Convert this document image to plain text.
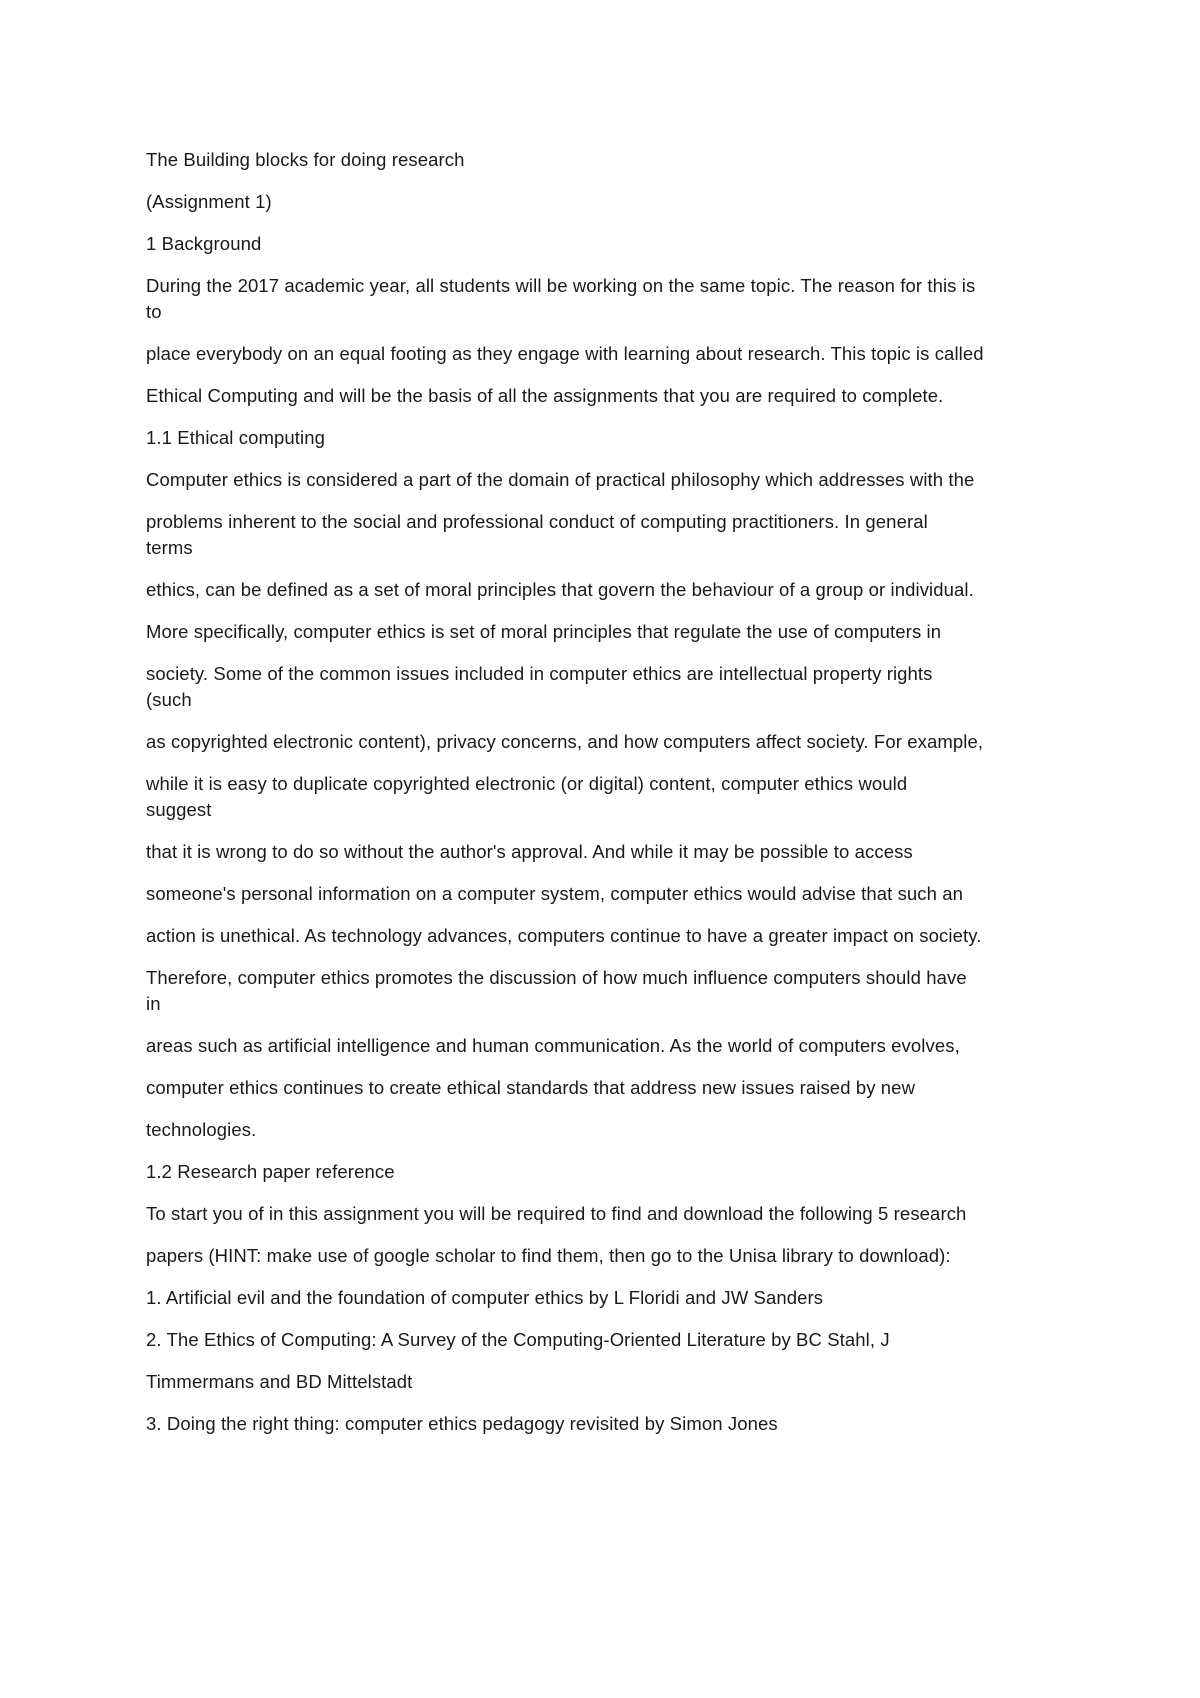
The Building blocks for doing research
(Assignment 1)
1 Background
During the 2017 academic year, all students will be working on the same topic. The reason for this is
to
place everybody on an equal footing as they engage with learning about research. This topic is called
Ethical Computing and will be the basis of all the assignments that you are required to complete.
1.1 Ethical computing
Computer ethics is considered a part of the domain of practical philosophy which addresses with the
problems inherent to the social and professional conduct of computing practitioners. In general
terms
ethics, can be defined as a set of moral principles that govern the behaviour of a group or individual.
More specifically, computer ethics is set of moral principles that regulate the use of computers in
society. Some of the common issues included in computer ethics are intellectual property rights
(such
as copyrighted electronic content), privacy concerns, and how computers affect society. For example,
while it is easy to duplicate copyrighted electronic (or digital) content, computer ethics would
suggest
that it is wrong to do so without the author's approval. And while it may be possible to access
someone's personal information on a computer system, computer ethics would advise that such an
action is unethical. As technology advances, computers continue to have a greater impact on society.
Therefore, computer ethics promotes the discussion of how much influence computers should have
in
areas such as artificial intelligence and human communication. As the world of computers evolves,
computer ethics continues to create ethical standards that address new issues raised by new
technologies.
1.2 Research paper reference
To start you of in this assignment you will be required to find and download the following 5 research
papers (HINT: make use of google scholar to find them, then go to the Unisa library to download):
1. Artificial evil and the foundation of computer ethics by L Floridi and JW Sanders
2. The Ethics of Computing: A Survey of the Computing-Oriented Literature by BC Stahl, J
Timmermans and BD Mittelstadt
3. Doing the right thing: computer ethics pedagogy revisited by Simon Jones
